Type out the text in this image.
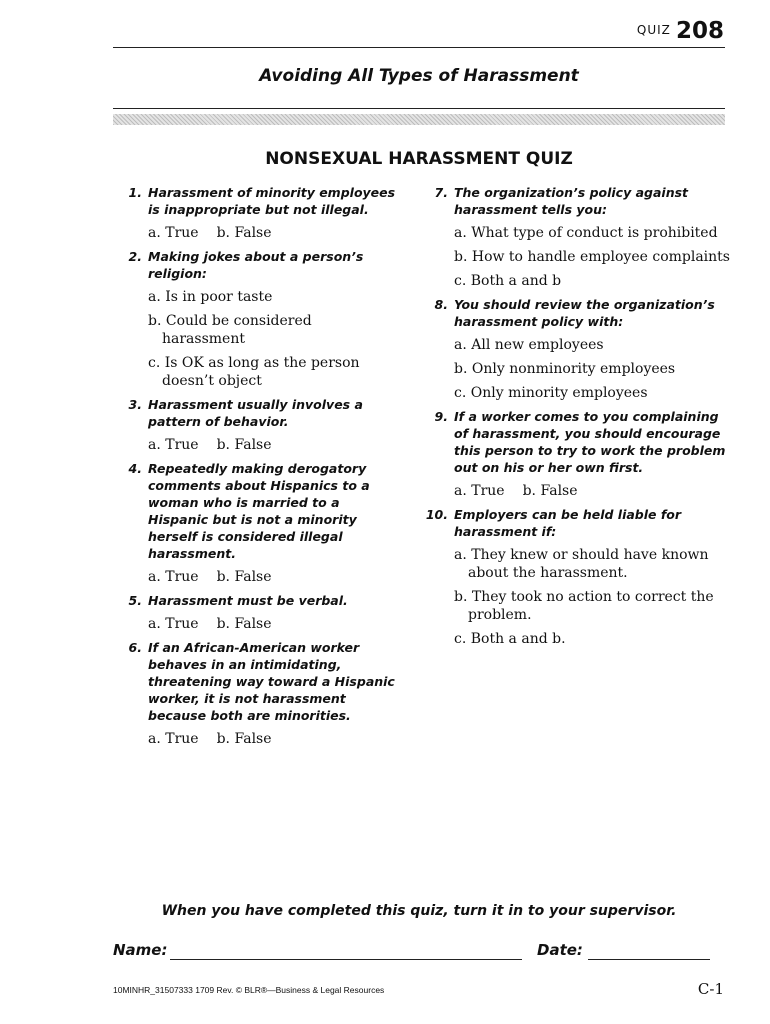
$^{QUIZ}$ 208
Avoiding All Types of Harassment
NONSEXUAL HARASSMENT QUIZ
1. Harassment of minority employees is inappropriate but not illegal.
a. True b. False
2. Making jokes about a person’s religion:
a. Is in poor taste
b. Could be considered harassment
c. Is OK as long as the person doesn’t object
3. Harassment usually involves a pattern of behavior.
a. True b. False
4. Repeatedly making derogatory comments about Hispanics to a woman who is married to a Hispanic but is not a minority herself is considered illegal harassment.
a. True b. False
5. Harassment must be verbal.
a. True b. False
6. If an African-American worker behaves in an intimidating, threatening way toward a Hispanic worker, it is not harassment because both are minorities.
a. True b. False
7. The organization’s policy against harassment tells you:
a. What type of conduct is prohibited
b. How to handle employee complaints
c. Both a and b
8. You should review the organization’s harassment policy with:
a. All new employees
b. Only nonminority employees
c. Only minority employees
9. If a worker comes to you complaining of harassment, you should encourage this person to try to work the problem out on his or her own first.
a. True b. False
10. Employers can be held liable for harassment if:
a. They knew or should have known about the harassment.
b. They took no action to correct the problem.
c. Both a and b.
When you have completed this quiz, turn it in to your supervisor.
Name:	Date:
10MINHR_31507333 1709 Rev. © BLR®—Business & Legal Resources	C-1
